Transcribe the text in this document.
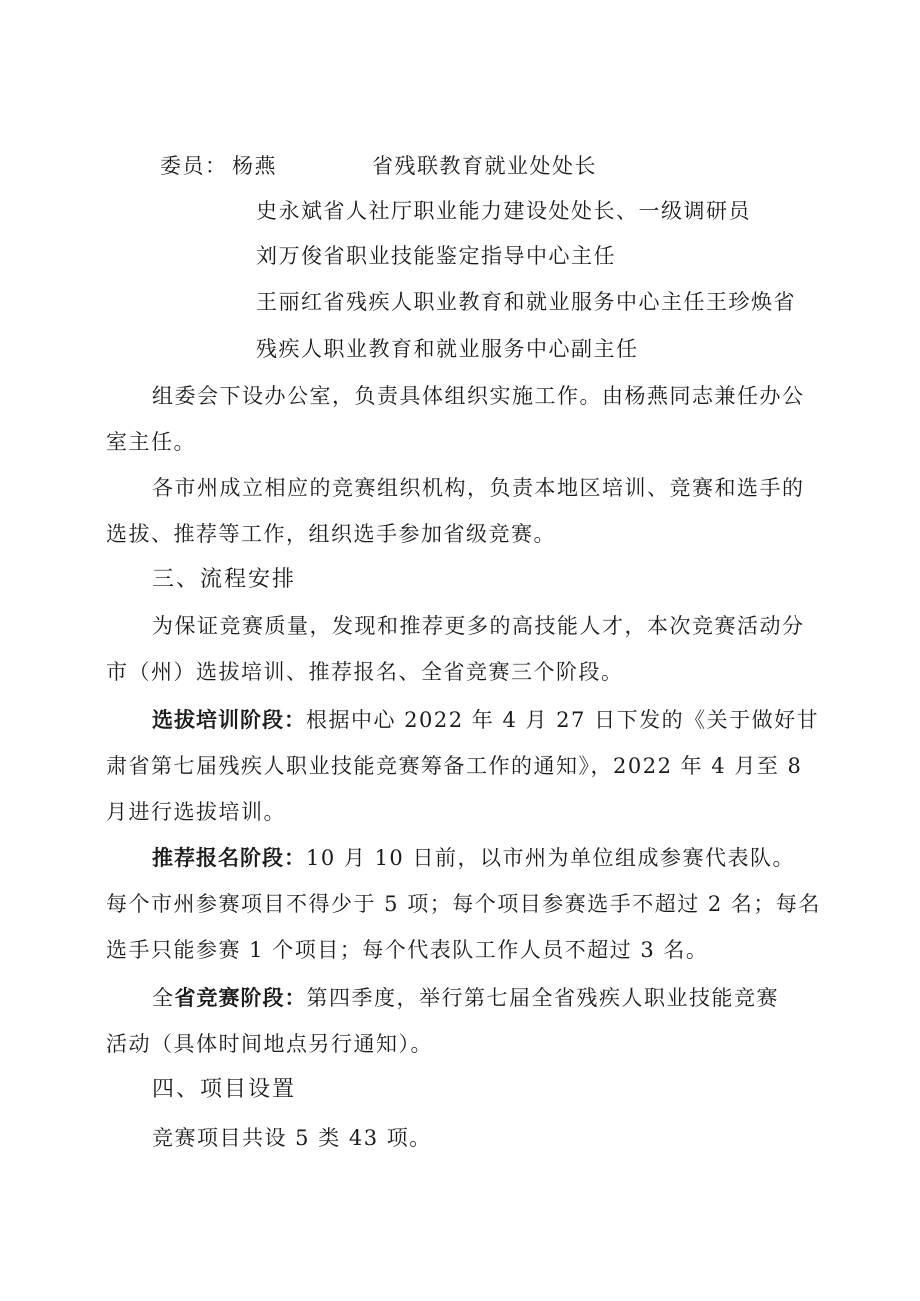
委员： 杨燕	省残联教育就业处处长
史永斌省人社厅职业能力建设处处长、一级调研员
刘万俊省职业技能鉴定指导中心主任
王丽红省残疾人职业教育和就业服务中心主任王珍焕省
残疾人职业教育和就业服务中心副主任
组委会下设办公室，负责具体组织实施工作。由杨燕同志兼任办公
室主任。
各市州成立相应的竞赛组织机构，负责本地区培训、竞赛和选手的
选拔、推荐等工作，组织选手参加省级竞赛。
三、流程安排
为保证竞赛质量，发现和推荐更多的高技能人才，本次竞赛活动分
市（州）选拔培训、推荐报名、全省竞赛三个阶段。
选拔培训阶段：根据中心 2022 年 4 月 27 日下发的《关于做好甘
肃省第七届残疾人职业技能竞赛筹备工作的通知》，2022 年 4 月至 8
月进行选拔培训。
推荐报名阶段：10 月 10 日前，以市州为单位组成参赛代表队。
每个市州参赛项目不得少于 5 项；每个项目参赛选手不超过 2 名；每名
选手只能参赛 1 个项目；每个代表队工作人员不超过 3 名。
全省竞赛阶段：第四季度，举行第七届全省残疾人职业技能竞赛
活动（具体时间地点另行通知）。
四、项目设置
竞赛项目共设 5 类 43 项。
